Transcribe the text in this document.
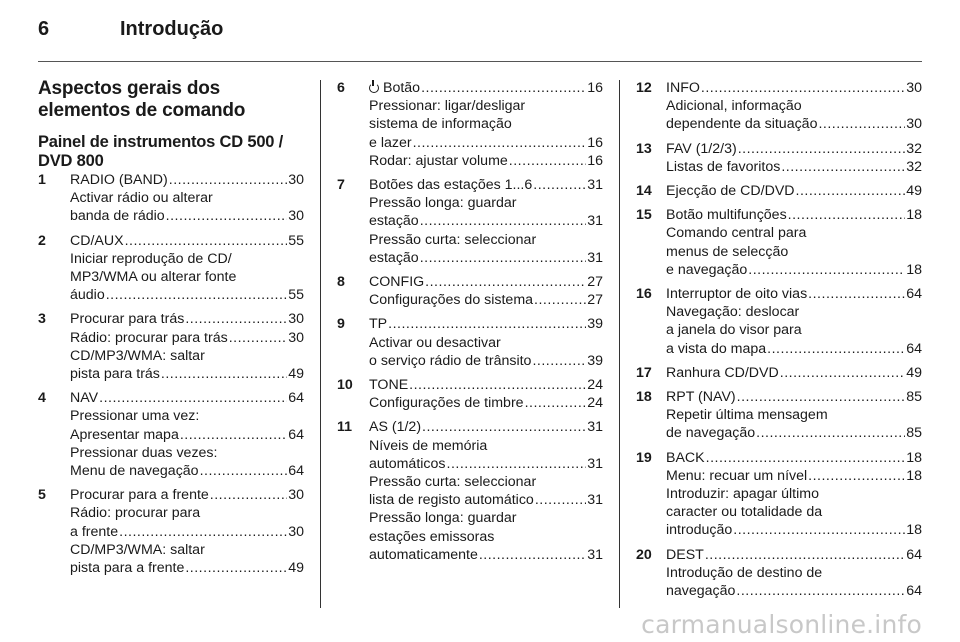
6	Introdução
Aspectos gerais dos elementos de comando
Painel de instrumentos CD 500 / DVD 800
1 RADIO (BAND) .....	30
Activar rádio ou alterar
banda de rádio .....	30
2 CD/AUX .....	55
Iniciar reprodução de CD/
MP3/WMA ou alterar fonte
áudio .....	55
3 Procurar para trás .....	30
Rádio: procurar para trás .....	30
CD/MP3/WMA: saltar
pista para trás .....	49
4 NAV .....	64
Pressionar uma vez:
Apresentar mapa .....	64
Pressionar duas vezes:
Menu de navegação .....	64
5 Procurar para a frente .....	30
Rádio: procurar para
a frente .....	30
CD/MP3/WMA: saltar
pista para a frente .....	49
6	Botão .....	16
Pressionar: ligar/desligar
sistema de informação
e lazer .....	16
Rodar: ajustar volume .....	16
7 Botões das estações 1...6 .....	31
Pressão longa: guardar
estação .....	31
Pressão curta: seleccionar
estação .....	31
8 CONFIG .....	27
Configurações do sistema .....	27
9 TP .....	39
Activar ou desactivar
o serviço rádio de trânsito .....	39
10 TONE .....	24
Configurações de timbre .....	24
11 AS (1/2) .....	31
Níveis de memória
automáticos .....	31
Pressão curta: seleccionar
lista de registo automático .....	31
Pressão longa: guardar
estações emissoras
automaticamente .....	31
12 INFO .....	30
Adicional, informação
dependente da situação .....	30
13 FAV (1/2/3) .....	32
Listas de favoritos .....	32
14 Ejecção de CD/DVD .....	49
15 Botão multifunções .....	18
Comando central para
menus de selecção
e navegação .....	18
16 Interruptor de oito vias .....	64
Navegação: deslocar
a janela do visor para
a vista do mapa .....	64
17 Ranhura CD/DVD .....	49
18 RPT (NAV) .....	85
Repetir última mensagem
de navegação .....	85
19 BACK .....	18
Menu: recuar um nível .....	18
Introduzir: apagar último
caracter ou totalidade da
introdução .....	18
20 DEST .....	64
Introdução de destino de
navegação .....	64
carmanualsonline.info
